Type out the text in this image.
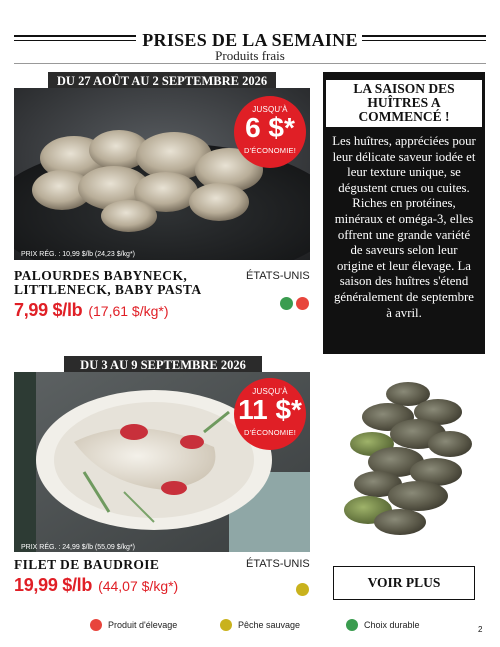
PRISES DE LA SEMAINE
Produits frais
DU 27 AOÛT AU 2 SEPTEMBRE 2026
JUSQU'À
6 $*
D'ÉCONOMIE!
PRIX RÉG. : 10,99 $/lb (24,23 $/kg*)
PALOURDES BABYNECK,
LITTLENECK, BABY PASTA
ÉTATS-UNIS
7,99 $/lb (17,61 $/kg*)
DU 3 AU 9 SEPTEMBRE 2026
JUSQU'À
11 $*
D'ÉCONOMIE!
PRIX RÉG. : 24,99 $/lb (55,09 $/kg*)
FILET DE BAUDROIE	ÉTATS-UNIS
19,99 $/lb (44,07 $/kg*)
LA SAISON DES HUÎTRES A COMMENCÉ !
Les huîtres, appréciées pour leur délicate saveur iodée et leur texture unique, se dégustent crues ou cuites. Riches en protéines, minéraux et oméga-3, elles offrent une grande variété de saveurs selon leur origine et leur élevage. La saison des huîtres s'étend généralement de septembre à avril.
VOIR PLUS
Produit d'élevage	Pêche sauvage	Choix durable	2
